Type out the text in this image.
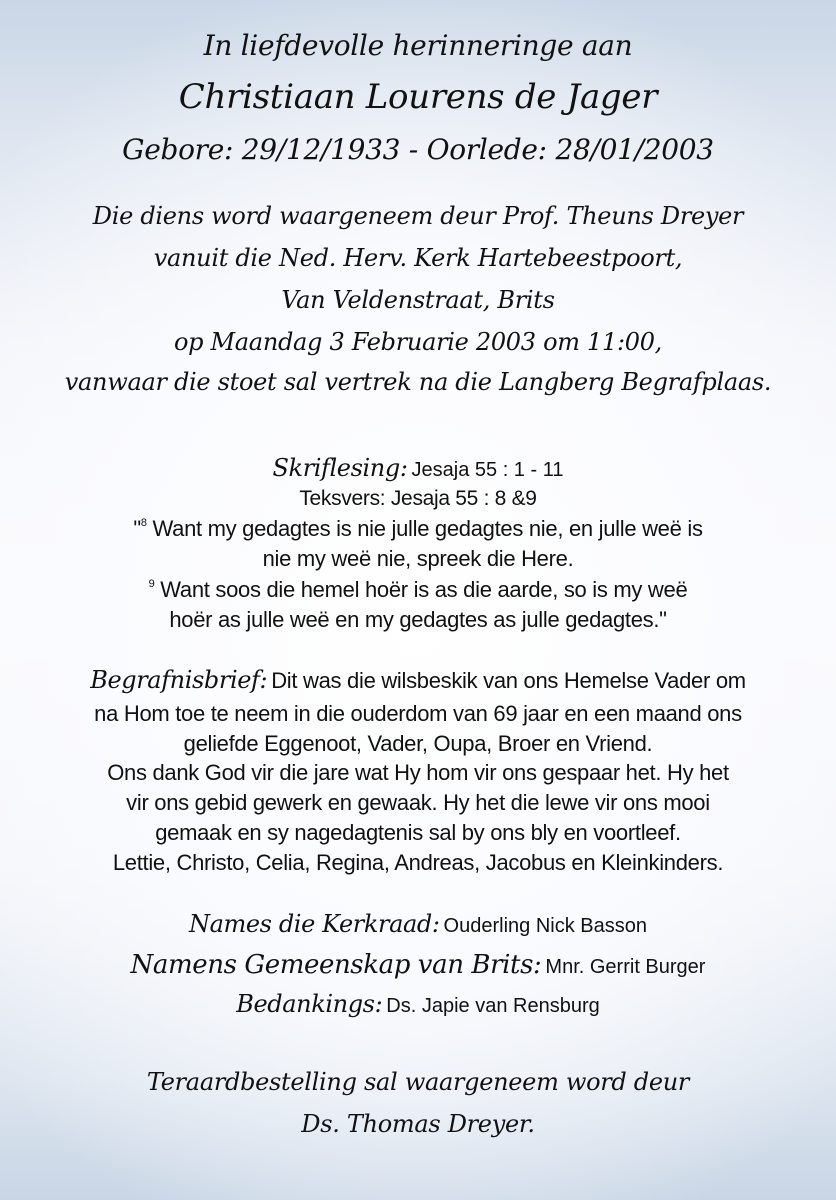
In liefdevolle herinneringe aan
Christiaan Lourens de Jager
Gebore: 29/12/1933 - Oorlede: 28/01/2003
Die diens word waargeneem deur Prof. Theuns Dreyer
vanuit die Ned. Herv. Kerk Hartebeestpoort,
Van Veldenstraat, Brits
op Maandag 3 Februarie 2003 om 11:00,
vanwaar die stoet sal vertrek na die Langberg Begrafplaas.
Skriflesing: Jesaja 55 : 1 - 11
Teksvers: Jesaja 55 : 8 &9
"$^8$ Want my gedagtes is nie julle gedagtes nie, en julle weë is
nie my weë nie, spreek die Here.
$^9$ Want soos die hemel hoër is as die aarde, so is my weë
hoër as julle weë en my gedagtes as julle gedagtes."
Begrafnisbrief: Dit was die wilsbeskik van ons Hemelse Vader om
na Hom toe te neem in die ouderdom van 69 jaar en een maand ons
geliefde Eggenoot, Vader, Oupa, Broer en Vriend.
Ons dank God vir die jare wat Hy hom vir ons gespaar het. Hy het
vir ons gebid gewerk en gewaak. Hy het die lewe vir ons mooi
gemaak en sy nagedagtenis sal by ons bly en voortleef.
Lettie, Christo, Celia, Regina, Andreas, Jacobus en Kleinkinders.
Names die Kerkraad: Ouderling Nick Basson
Namens Gemeenskap van Brits: Mnr. Gerrit Burger
Bedankings: Ds. Japie van Rensburg
Teraardbestelling sal waargeneem word deur
Ds. Thomas Dreyer.
